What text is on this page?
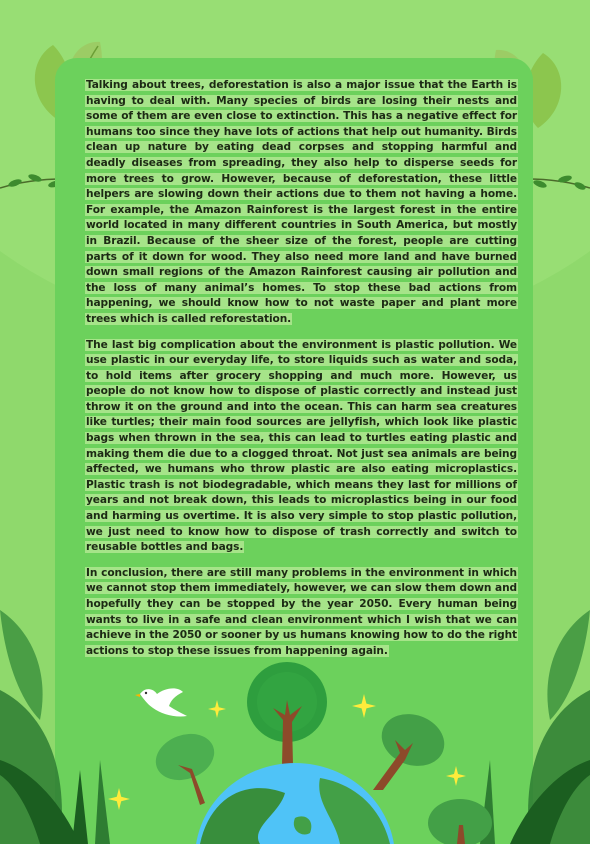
Talking about trees, deforestation is also a major issue that the Earth is having to deal with. Many species of birds are losing their nests and some of them are even close to extinction. This has a negative effect for humans too since they have lots of actions that help out humanity. Birds clean up nature by eating dead corpses and stopping harmful and deadly diseases from spreading, they also help to disperse seeds for more trees to grow. However, because of deforestation, these little helpers are slowing down their actions due to them not having a home. For example, the Amazon Rainforest is the largest forest in the entire world located in many different countries in South America, but mostly in Brazil. Because of the sheer size of the forest, people are cutting parts of it down for wood. They also need more land and have burned down small regions of the Amazon Rainforest causing air pollution and the loss of many animal’s homes. To stop these bad actions from happening, we should know how to not waste paper and plant more trees which is called reforestation.

The last big complication about the environment is plastic pollution. We use plastic in our everyday life, to store liquids such as water and soda, to hold items after grocery shopping and much more. However, us people do not know how to dispose of plastic correctly and instead just throw it on the ground and into the ocean. This can harm sea creatures like turtles; their main food sources are jellyfish, which look like plastic bags when thrown in the sea, this can lead to turtles eating plastic and making them die due to a clogged throat. Not just sea animals are being affected, we humans who throw plastic are also eating microplastics. Plastic trash is not biodegradable, which means they last for millions of years and not break down, this leads to microplastics being in our food and harming us overtime. It is also very simple to stop plastic pollution, we just need to know how to dispose of trash correctly and switch to reusable bottles and bags.

In conclusion, there are still many problems in the environment in which we cannot stop them immediately, however, we can slow them down and hopefully they can be stopped by the year 2050. Every human being wants to live in a safe and clean environment which I wish that we can achieve in the 2050 or sooner by us humans knowing how to do the right actions to stop these issues from happening again.
